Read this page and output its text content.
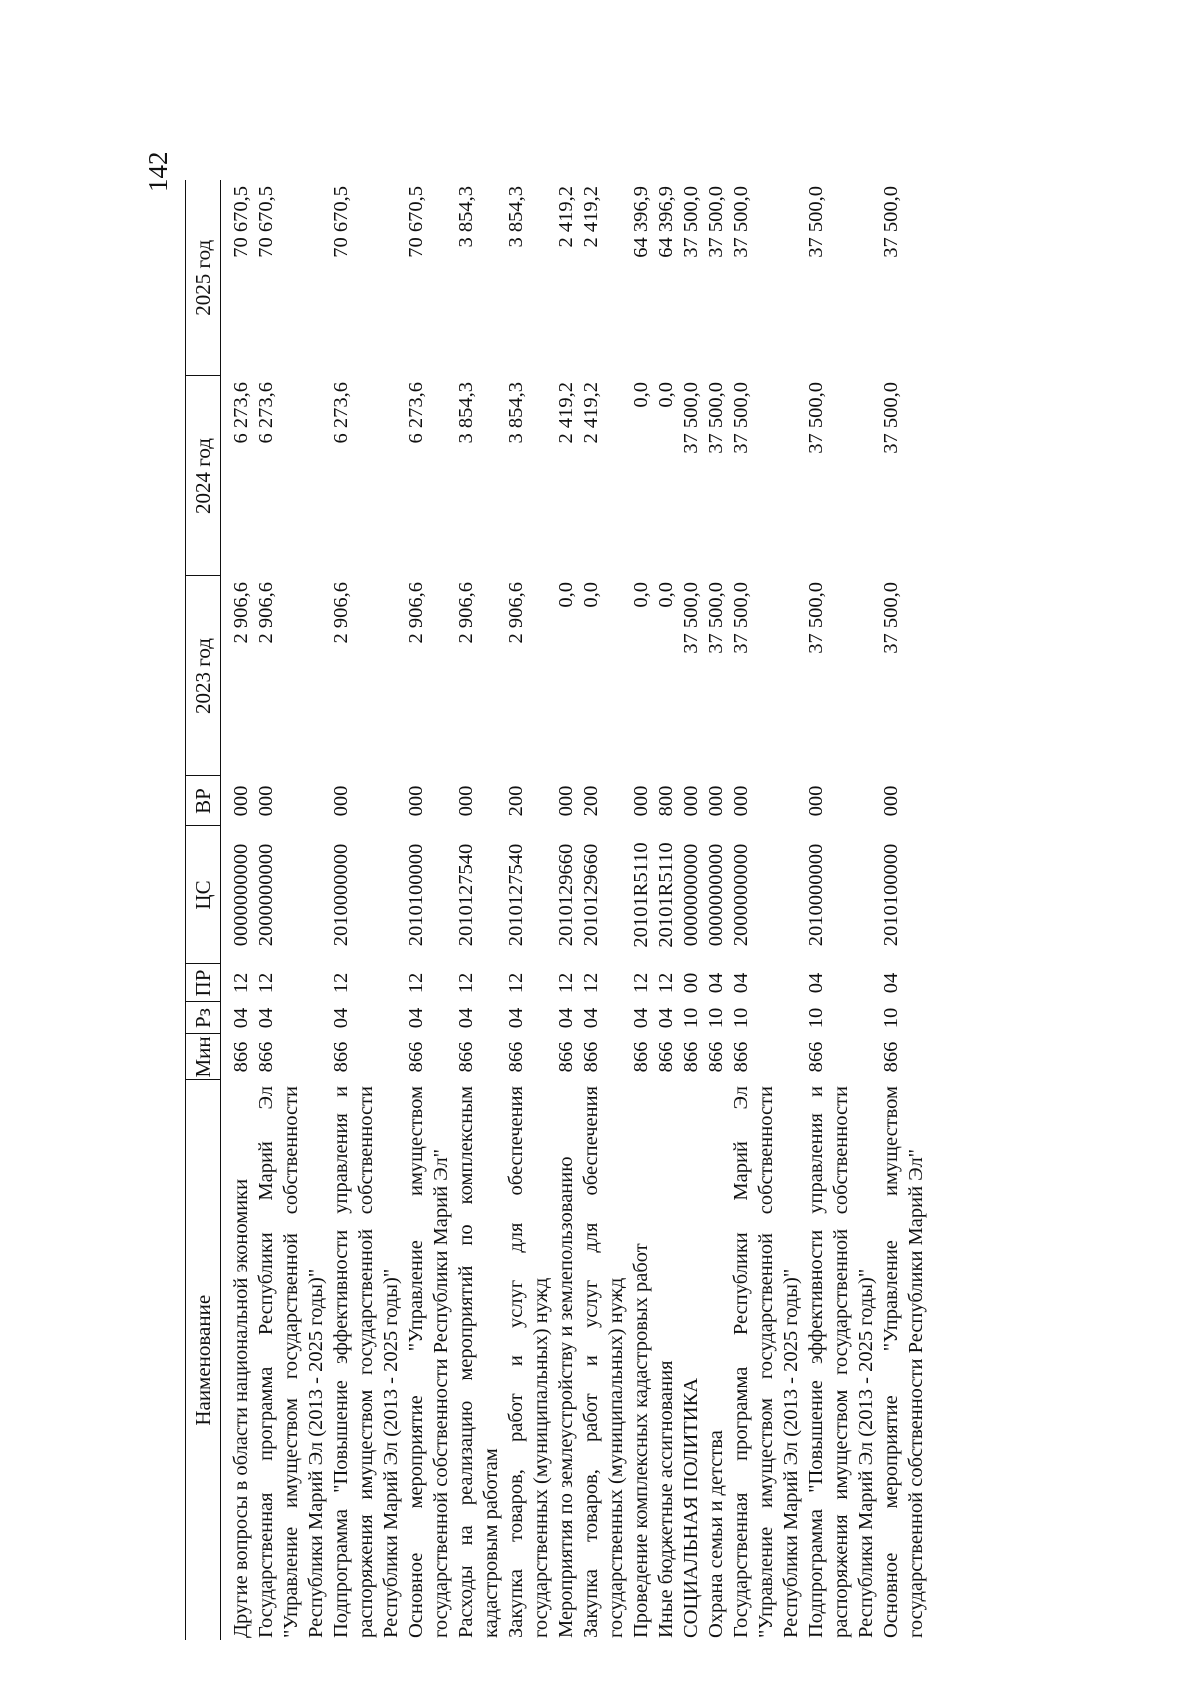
142
Наименование	Мин	Рз	ПР	ЦС	ВР	2023 год	2024 год	2025 год
Другие вопросы в области национальной экономики	866	04	12	0000000000	000	2 906,6	6 273,6	70 670,5
Государственная программа Республики Марий Эл "Управление имуществом государственной собственности Республики Марий Эл (2013 - 2025 годы)"	866	04	12	2000000000	000	2 906,6	6 273,6	70 670,5
Подпрограмма "Повышение эффективности управления и распоряжения имуществом государственной собственности Республики Марий Эл (2013 - 2025 годы)"	866	04	12	2010000000	000	2 906,6	6 273,6	70 670,5
Основное мероприятие "Управление имуществом государственной собственности Республики Марий Эл"	866	04	12	2010100000	000	2 906,6	6 273,6	70 670,5
Расходы на реализацию мероприятий по комплексным кадастровым работам	866	04	12	2010127540	000	2 906,6	3 854,3	3 854,3
Закупка товаров, работ и услуг для обеспечения государственных (муниципальных) нужд	866	04	12	2010127540	200	2 906,6	3 854,3	3 854,3
Мероприятия по землеустройству и землепользованию	866	04	12	2010129660	000	0,0	2 419,2	2 419,2
Закупка товаров, работ и услуг для обеспечения государственных (муниципальных) нужд	866	04	12	2010129660	200	0,0	2 419,2	2 419,2
Проведение комплексных кадастровых работ	866	04	12	20101R5110	000	0,0	0,0	64 396,9
Иные бюджетные ассигнования	866	04	12	20101R5110	800	0,0	0,0	64 396,9
СОЦИАЛЬНАЯ ПОЛИТИКА	866	10	00	0000000000	000	37 500,0	37 500,0	37 500,0
Охрана семьи и детства	866	10	04	0000000000	000	37 500,0	37 500,0	37 500,0
Государственная программа Республики Марий Эл "Управление имуществом государственной собственности Республики Марий Эл (2013 - 2025 годы)"	866	10	04	2000000000	000	37 500,0	37 500,0	37 500,0
Подпрограмма "Повышение эффективности управления и распоряжения имуществом государственной собственности Республики Марий Эл (2013 - 2025 годы)"	866	10	04	2010000000	000	37 500,0	37 500,0	37 500,0
Основное мероприятие "Управление имуществом государственной собственности Республики Марий Эл"	866	10	04	2010100000	000	37 500,0	37 500,0	37 500,0
